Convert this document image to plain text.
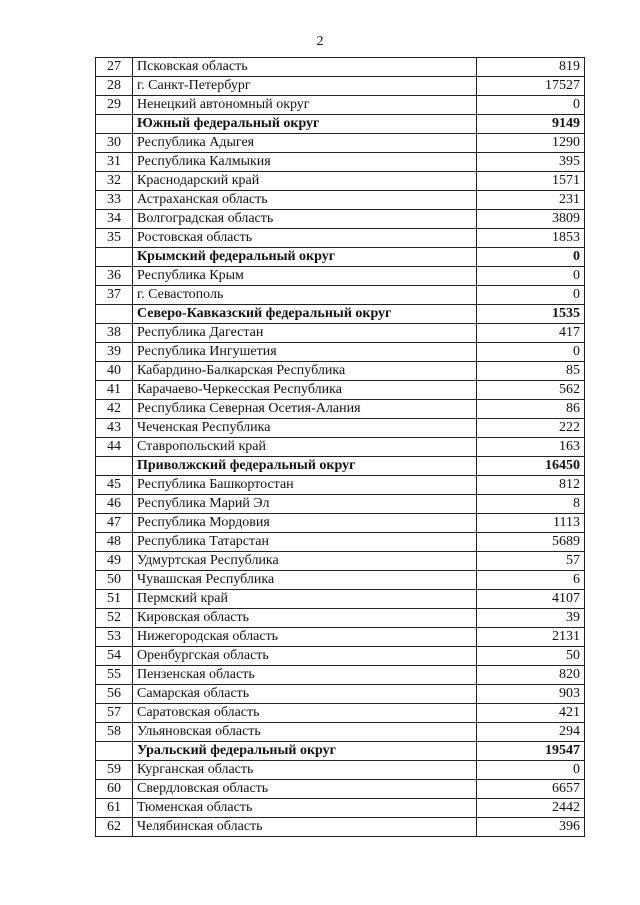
2
27	Псковская область	819
28	г. Санкт-Петербург	17527
29	Ненецкий автономный округ	0
	Южный федеральный округ	9149
30	Республика Адыгея	1290
31	Республика Калмыкия	395
32	Краснодарский край	1571
33	Астраханская область	231
34	Волгоградская область	3809
35	Ростовская область	1853
	Крымский федеральный округ	0
36	Республика Крым	0
37	г. Севастополь	0
	Северо-Кавказский федеральный округ	1535
38	Республика Дагестан	417
39	Республика Ингушетия	0
40	Кабардино-Балкарская Республика	85
41	Карачаево-Черкесская Республика	562
42	Республика Северная Осетия-Алания	86
43	Чеченская Республика	222
44	Ставропольский край	163
	Приволжский федеральный округ	16450
45	Республика Башкортостан	812
46	Республика Марий Эл	8
47	Республика Мордовия	1113
48	Республика Татарстан	5689
49	Удмуртская Республика	57
50	Чувашская Республика	6
51	Пермский край	4107
52	Кировская область	39
53	Нижегородская область	2131
54	Оренбургская область	50
55	Пензенская область	820
56	Самарская область	903
57	Саратовская область	421
58	Ульяновская область	294
	Уральский федеральный округ	19547
59	Курганская область	0
60	Свердловская область	6657
61	Тюменская область	2442
62	Челябинская область	396
